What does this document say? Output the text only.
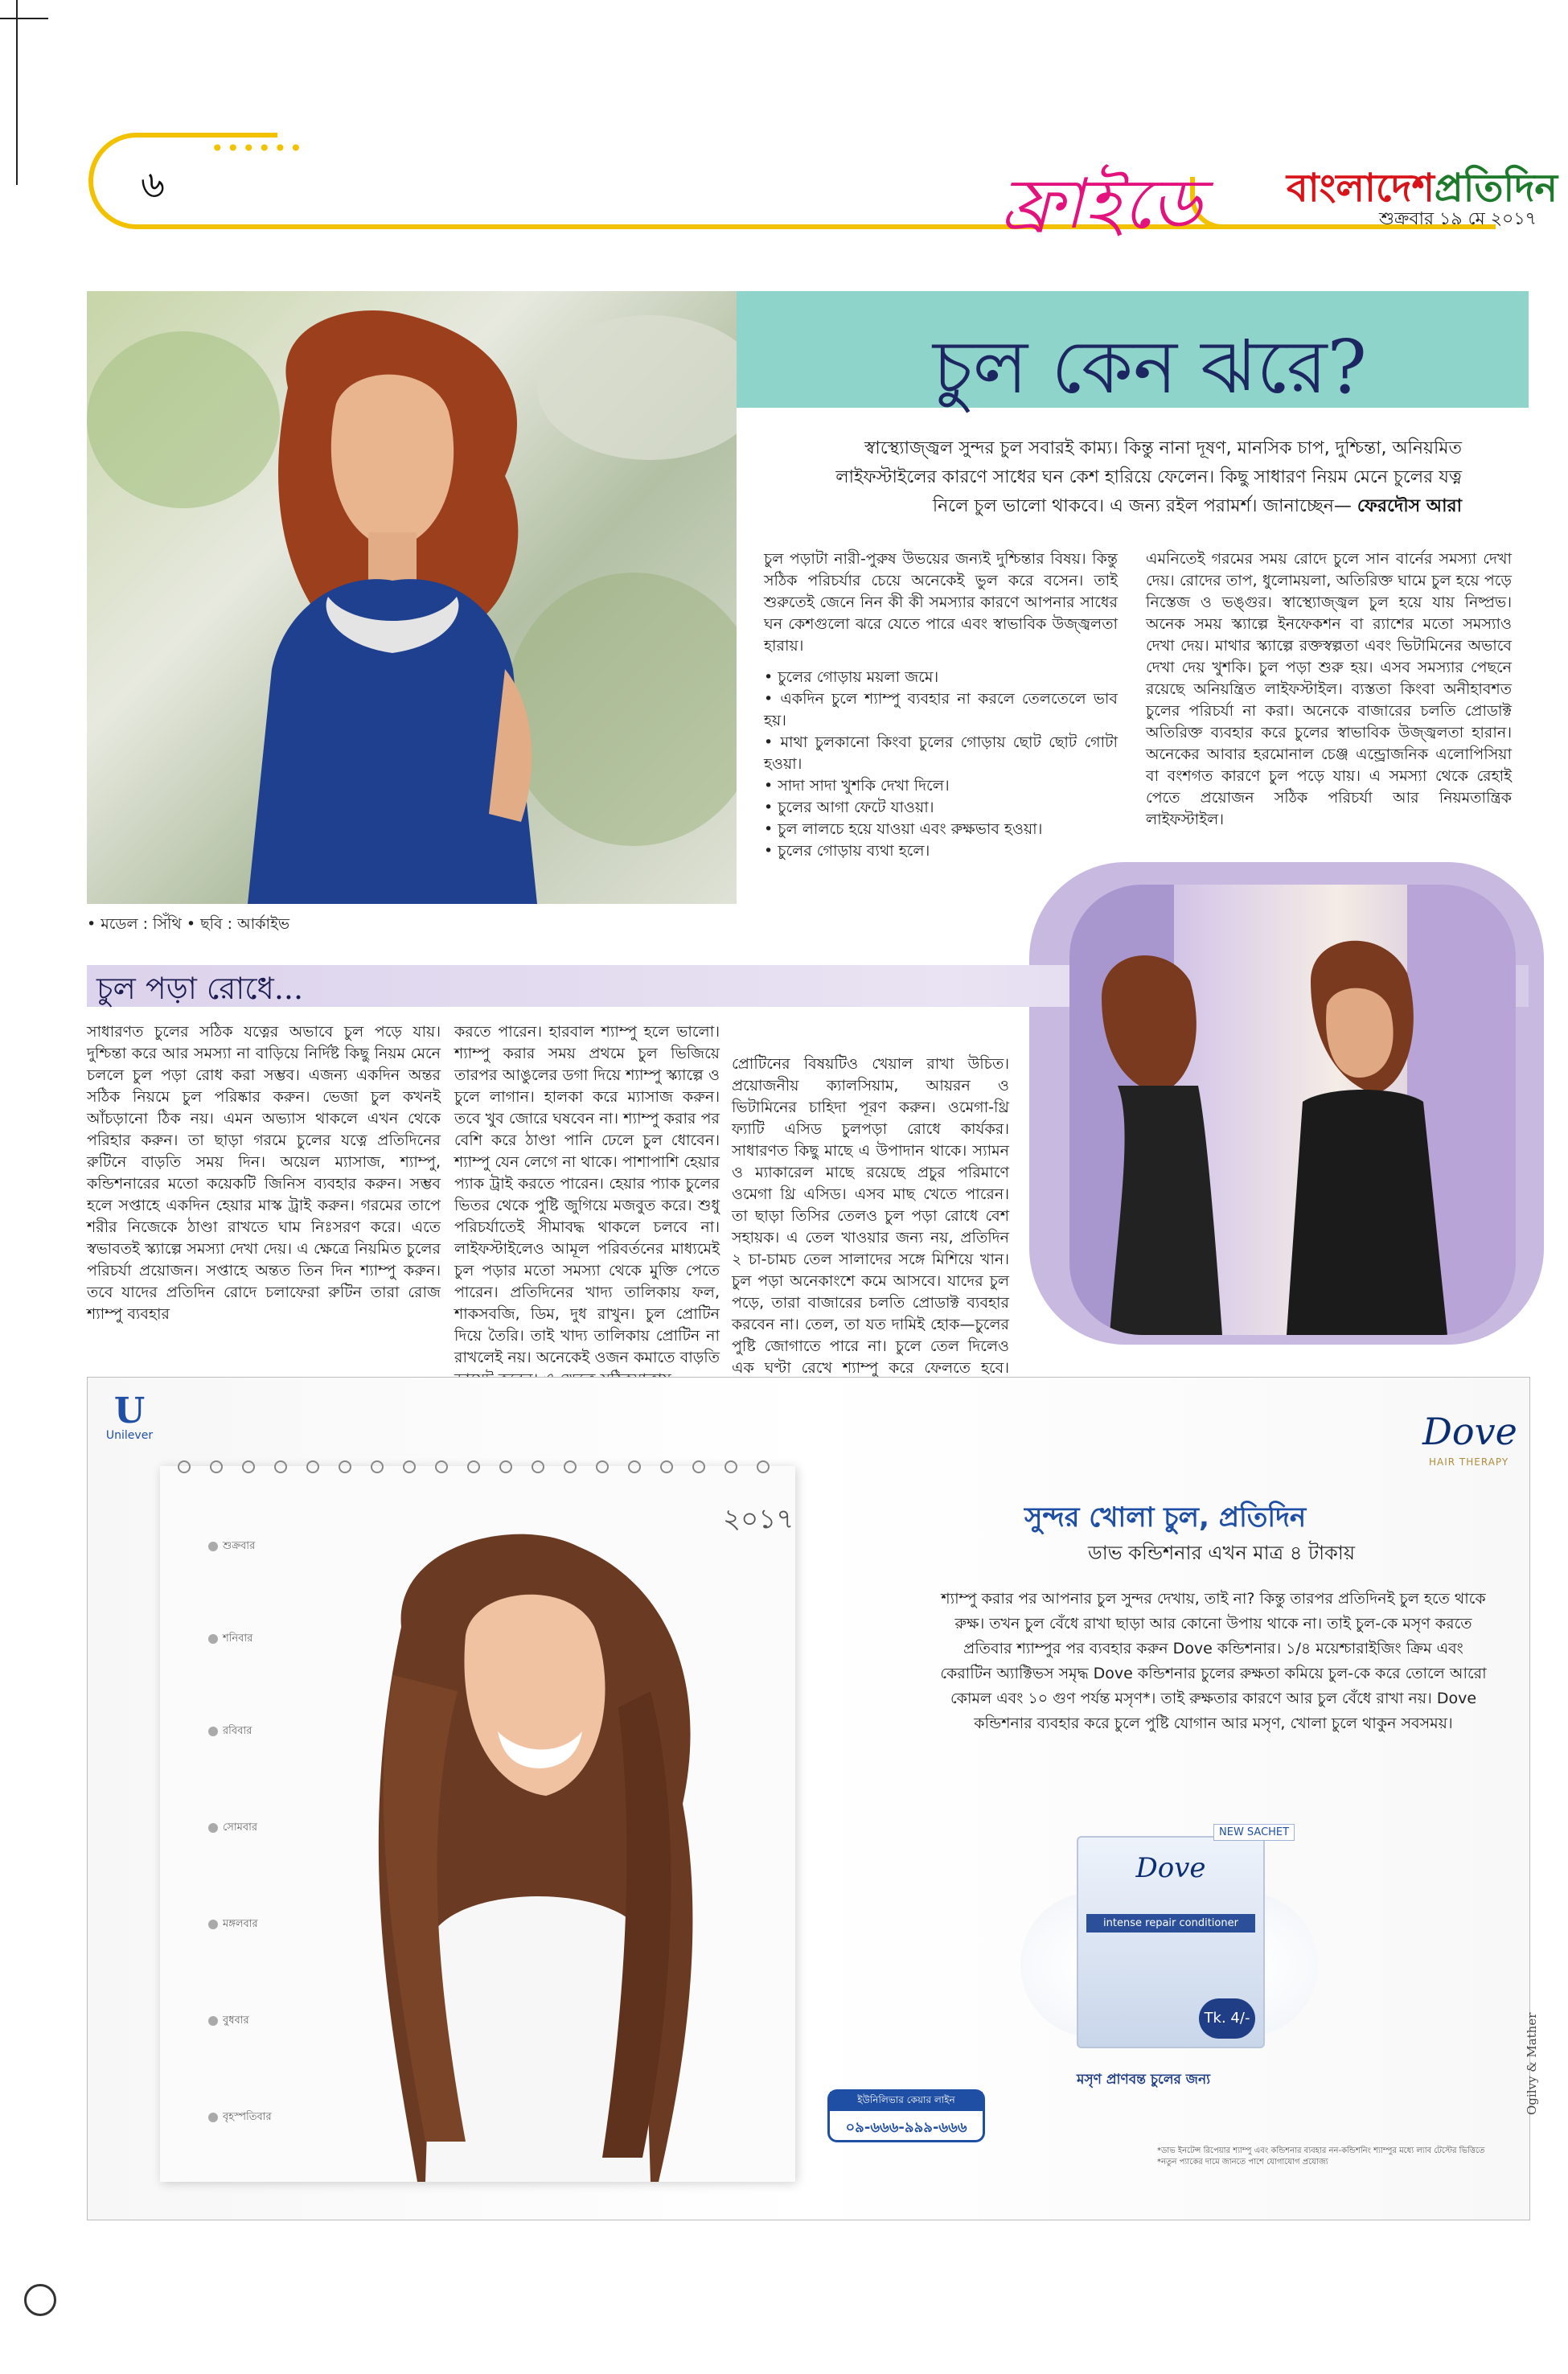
••••••
৬	ফ্রাইডে বাংলাদেশপ্রতিদিন
শুক্রবার ১৯ মে ২০১৭
চুল কেন ঝরে?
স্বাস্থ্যোজ্জ্বল সুন্দর চুল সবারই কাম্য। কিন্তু নানা দূষণ, মানসিক চাপ, দুশ্চিন্তা, অনিয়মিত লাইফস্টাইলের কারণে সাধের ঘন কেশ হারিয়ে ফেলেন। কিছু সাধারণ নিয়ম মেনে চুলের যত্ন নিলে চুল ভালো থাকবে। এ জন্য রইল পরামর্শ। জানাচ্ছেন— ফেরদৌস আরা

চুল পড়াটা নারী-পুরুষ উভয়ের জন্যই দুশ্চিন্তার বিষয়। কিন্তু সঠিক পরিচর্যার চেয়ে অনেকেই ভুল করে বসেন। তাই শুরুতেই জেনে নিন কী কী সমস্যার কারণে আপনার সাধের ঘন কেশগুলো ঝরে যেতে পারে এবং স্বাভাবিক উজ্জ্বলতা হারায়।

• চুলের গোড়ায় ময়লা জমে।
• একদিন চুলে শ্যাম্পু ব্যবহার না করলে তেলতেলে ভাব হয়।
• মাথা চুলকানো কিংবা চুলের গোড়ায় ছোট ছোট গোটা হওয়া।
• সাদা সাদা খুশকি দেখা দিলে।
• চুলের আগা ফেটে যাওয়া।
• চুল লালচে হয়ে যাওয়া এবং রুক্ষভাব হওয়া।
• চুলের গোড়ায় ব্যথা হলে।

এমনিতেই গরমের সময় রোদে চুলে সান বার্নের সমস্যা দেখা দেয়। রোদের তাপ, ধুলোময়লা, অতিরিক্ত ঘামে চুল হয়ে পড়ে নিস্তেজ ও ভঙ্গুর। স্বাস্থ্যোজ্জ্বল চুল হয়ে যায় নিষ্প্রভ। অনেক সময় স্ক্যাল্পে ইনফেকশন বা র‍্যাশের মতো সমস্যাও দেখা দেয়। মাথার স্ক্যাল্পে রক্তস্বল্পতা এবং ভিটামিনের অভাবে দেখা দেয় খুশকি। চুল পড়া শুরু হয়। এসব সমস্যার পেছনে রয়েছে অনিয়ন্ত্রিত লাইফস্টাইল। ব্যস্ততা কিংবা অনীহাবশত চুলের পরিচর্যা না করা। অনেকে বাজারের চলতি প্রোডাক্ট অতিরিক্ত ব্যবহার করে চুলের স্বাভাবিক উজ্জ্বলতা হারান। অনেকের আবার হরমোনাল চেঞ্জ এন্ড্রোজনিক এলোপিসিয়া বা বংশগত কারণে চুল পড়ে যায়। এ সমস্যা থেকে রেহাই পেতে প্রয়োজন সঠিক পরিচর্যা আর নিয়মতান্ত্রিক লাইফস্টাইল।

• মডেল : সিঁথি • ছবি : আর্কাইভ
চুল পড়া রোধে...

সাধারণত চুলের সঠিক যত্নের অভাবে চুল পড়ে যায়। দুশ্চিন্তা করে আর সমস্যা না বাড়িয়ে নির্দিষ্ট কিছু নিয়ম মেনে চললে চুল পড়া রোধ করা সম্ভব। এজন্য একদিন অন্তর সঠিক নিয়মে চুল পরিষ্কার করুন। ভেজা চুল কখনই আঁচড়ানো ঠিক নয়। এমন অভ্যাস থাকলে এখন থেকে পরিহার করুন। তা ছাড়া গরমে চুলের যত্নে প্রতিদিনের রুটিনে বাড়তি সময় দিন। অয়েল ম্যাসাজ, শ্যাম্পু, কন্ডিশনারের মতো কয়েকটি জিনিস ব্যবহার করুন। সম্ভব হলে সপ্তাহে একদিন হেয়ার মাস্ক ট্রাই করুন। গরমের তাপে শরীর নিজেকে ঠাণ্ডা রাখতে ঘাম নিঃসরণ করে। এতে স্বভাবতই স্ক্যাল্পে সমস্যা দেখা দেয়। এ ক্ষেত্রে নিয়মিত চুলের পরিচর্যা প্রয়োজন। সপ্তাহে অন্তত তিন দিন শ্যাম্পু করুন। তবে যাদের প্রতিদিন রোদে চলাফেরা রুটিন তারা রোজ শ্যাম্পু ব্যবহার

করতে পারেন। হারবাল শ্যাম্পু হলে ভালো। শ্যাম্পু করার সময় প্রথমে চুল ভিজিয়ে তারপর আঙুলের ডগা দিয়ে শ্যাম্পু স্ক্যাল্পে ও চুলে লাগান। হালকা করে ম্যাসাজ করুন। তবে খুব জোরে ঘষবেন না। শ্যাম্পু করার পর বেশি করে ঠাণ্ডা পানি ঢেলে চুল ধোবেন। শ্যাম্পু যেন লেগে না থাকে। পাশাপাশি হেয়ার প্যাক ট্রাই করতে পারেন। হেয়ার প্যাক চুলের ভিতর থেকে পুষ্টি জুগিয়ে মজবুত করে। শুধু পরিচর্যাতেই সীমাবদ্ধ থাকলে চলবে না। লাইফস্টাইলেও আমূল পরিবর্তনের মাধ্যমেই চুল পড়ার মতো সমস্যা থেকে মুক্তি পেতে পারেন। প্রতিদিনের খাদ্য তালিকায় ফল, শাকসবজি, ডিম, দুধ রাখুন। চুল প্রোটিন দিয়ে তৈরি। তাই খাদ্য তালিকায় প্রোটিন না রাখলেই নয়। অনেকেই ওজন কমাতে বাড়তি

প্রোটিনের বিষয়টিও খেয়াল রাখা উচিত। প্রয়োজনীয় ক্যালসিয়াম, আয়রন ও ভিটামিনের চাহিদা পূরণ করুন। ওমেগা-থ্রি ফ্যাটি এসিড চুলপড়া রোধে কার্যকর। সাধারণত কিছু মাছে এ উপাদান থাকে। স্যামন ও ম্যাকারেল মাছে রয়েছে প্রচুর পরিমাণে ওমেগা থ্রি এসিড। এসব মাছ খেতে পারেন। তা ছাড়া তিসির তেলও চুল পড়া রোধে বেশ সহায়ক। এ তেল খাওয়ার জন্য নয়, প্রতিদিন ২ চা-চামচ তেল সালাদের সঙ্গে মিশিয়ে খান। চুল পড়া অনেকাংশে কমে আসবে। যাদের চুল পড়ে, তারা বাজারের চলতি প্রোডাক্ট ব্যবহার করবেন না। তেল, তা যত দামিই হোক—চুলের পুষ্টি জোগাতে পারে না। চুলে তেল দিলেও এক ঘণ্টা রেখে শ্যাম্পু করে ফেলতে হবে।

U
Unilever
২০১৭
শুক্রবার
শনিবার
রবিবার
সোমবার
মঙ্গলবার
বুধবার
বৃহস্পতিবার
Dove
HAIR THERAPY
সুন্দর খোলা চুল, প্রতিদিন
ডাভ কন্ডিশনার এখন মাত্র ৪ টাকায়
শ্যাম্পু করার পর আপনার চুল সুন্দর দেখায়, তাই না? কিন্তু তারপর প্রতিদিনই চুল হতে থাকে রুক্ষ। তখন চুল বেঁধে রাখা ছাড়া আর কোনো উপায় থাকে না। তাই চুল-কে মসৃণ করতে প্রতিবার শ্যাম্পুর পর ব্যবহার করুন Dove কন্ডিশনার। ১/৪ ময়েশ্চারাইজিং ক্রিম এবং কেরাটিন অ্যাক্টিভস সমৃদ্ধ Dove কন্ডিশনার চুলের রুক্ষতা কমিয়ে চুল-কে করে তোলে আরো কোমল এবং ১০ গুণ পর্যন্ত মসৃণ*। তাই রুক্ষতার কারণে আর চুল বেঁধে রাখা নয়। Dove কন্ডিশনার ব্যবহার করে চুলে পুষ্টি যোগান আর মসৃণ, খোলা চুলে থাকুন সবসময়।
Dove
intense repair conditioner
Tk. 4/-
NEW SACHET
মসৃণ প্রাণবন্ত চুলের জন্য
ইউনিলিভার কেয়ার লাইন
০৯-৬৬৬-৯৯৯-৬৬৬
*ডাভ ইনটেন্স রিপেয়ার শ্যাম্পু এবং কন্ডিশনার ব্যবহার নন-কন্ডিশনিং শ্যাম্পুর মধ্যে ল্যাব টেস্টের ভিত্তিতে *নতুন প্যাকের দামে জানতে পাশে যোগাযোগ প্রযোজ্য
Ogilvy & Mather
